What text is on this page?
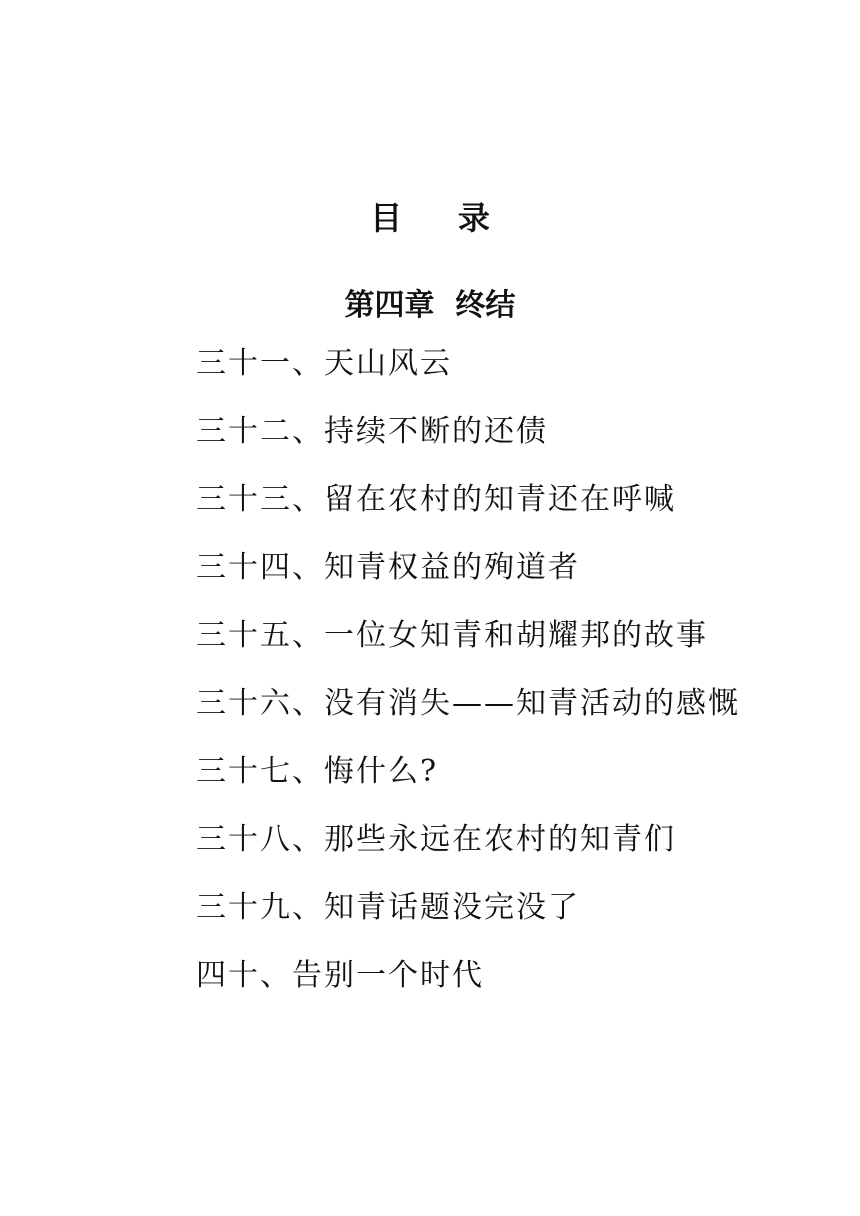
目     录
第四章  终结
三十一、天山风云
三十二、持续不断的还债
三十三、留在农村的知青还在呼喊
三十四、知青权益的殉道者
三十五、一位女知青和胡耀邦的故事
三十六、没有消失——知青活动的感慨
三十七、悔什么?
三十八、那些永远在农村的知青们
三十九、知青话题没完没了
四十、告别一个时代
